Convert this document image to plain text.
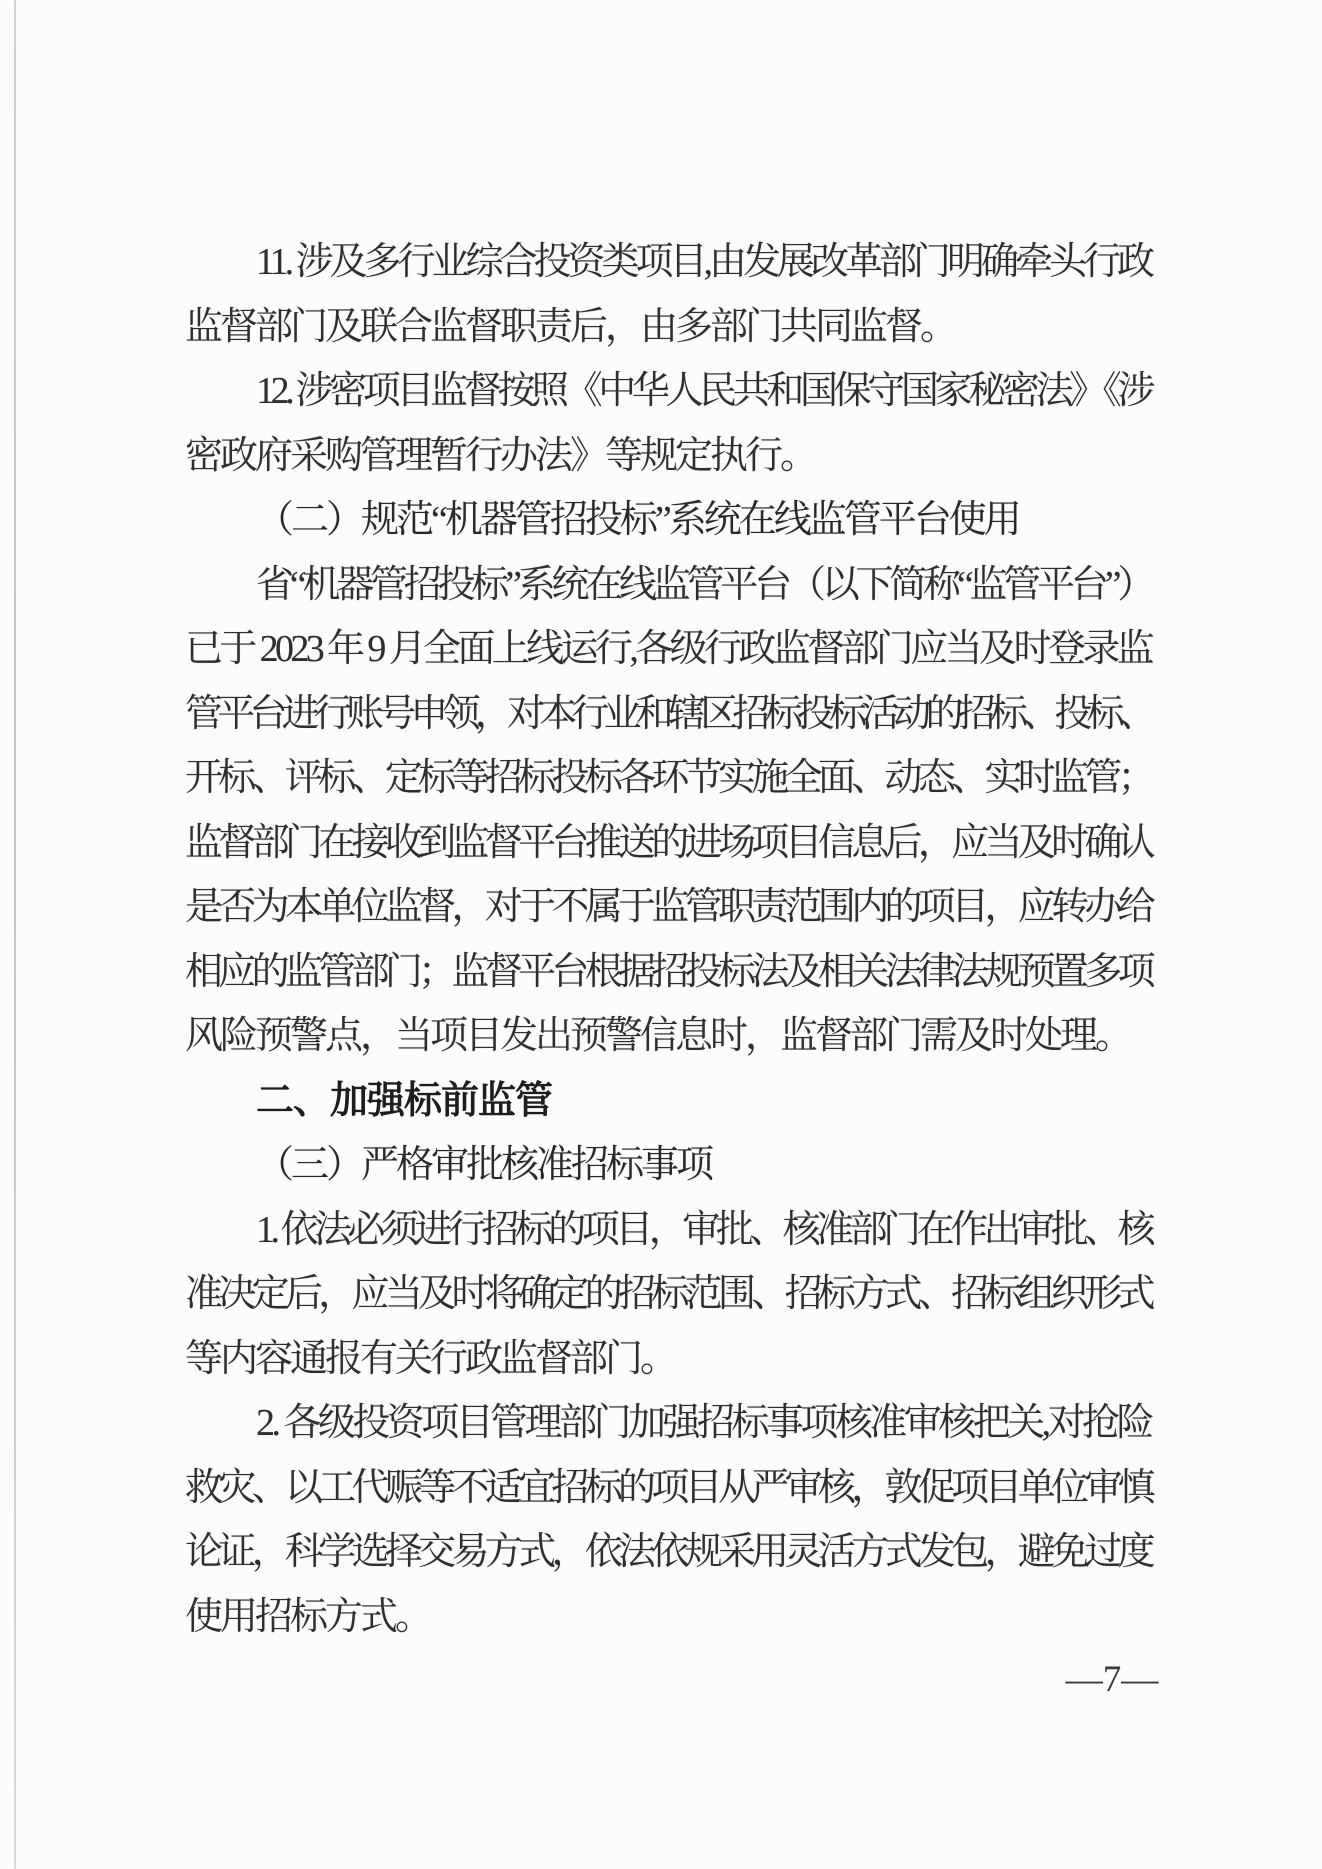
11. 涉及多行业综合投资类项目,由发展改革部门明确牵头行政
监督部门及联合监督职责后，由多部门共同监督。
12. 涉密项目监督按照《中华人民共和国保守国家秘密法》《涉
密政府采购管理暂行办法》等规定执行。
（二）规范“机器管招投标”系统在线监管平台使用
省“机器管招投标”系统在线监管平台（以下简称“监管平台”）
已于 2023 年 9 月全面上线运行,各级行政监督部门应当及时登录监
管平台进行账号申领，对本行业和辖区招标投标活动的招标、投标、
开标、评标、定标等招标投标各环节实施全面、动态、实时监管；
监督部门在接收到监督平台推送的进场项目信息后，应当及时确认
是否为本单位监督，对于不属于监管职责范围内的项目，应转办给
相应的监管部门；监督平台根据招投标法及相关法律法规预置多项
风险预警点，当项目发出预警信息时，监督部门需及时处理。
二、加强标前监管
（三）严格审批核准招标事项
1. 依法必须进行招标的项目，审批、核准部门在作出审批、核
准决定后，应当及时将确定的招标范围、招标方式、招标组织形式
等内容通报有关行政监督部门。
2. 各级投资项目管理部门加强招标事项核准审核把关,对抢险
救灾、以工代赈等不适宜招标的项目从严审核，敦促项目单位审慎
论证，科学选择交易方式，依法依规采用灵活方式发包，避免过度
使用招标方式。
—7—
